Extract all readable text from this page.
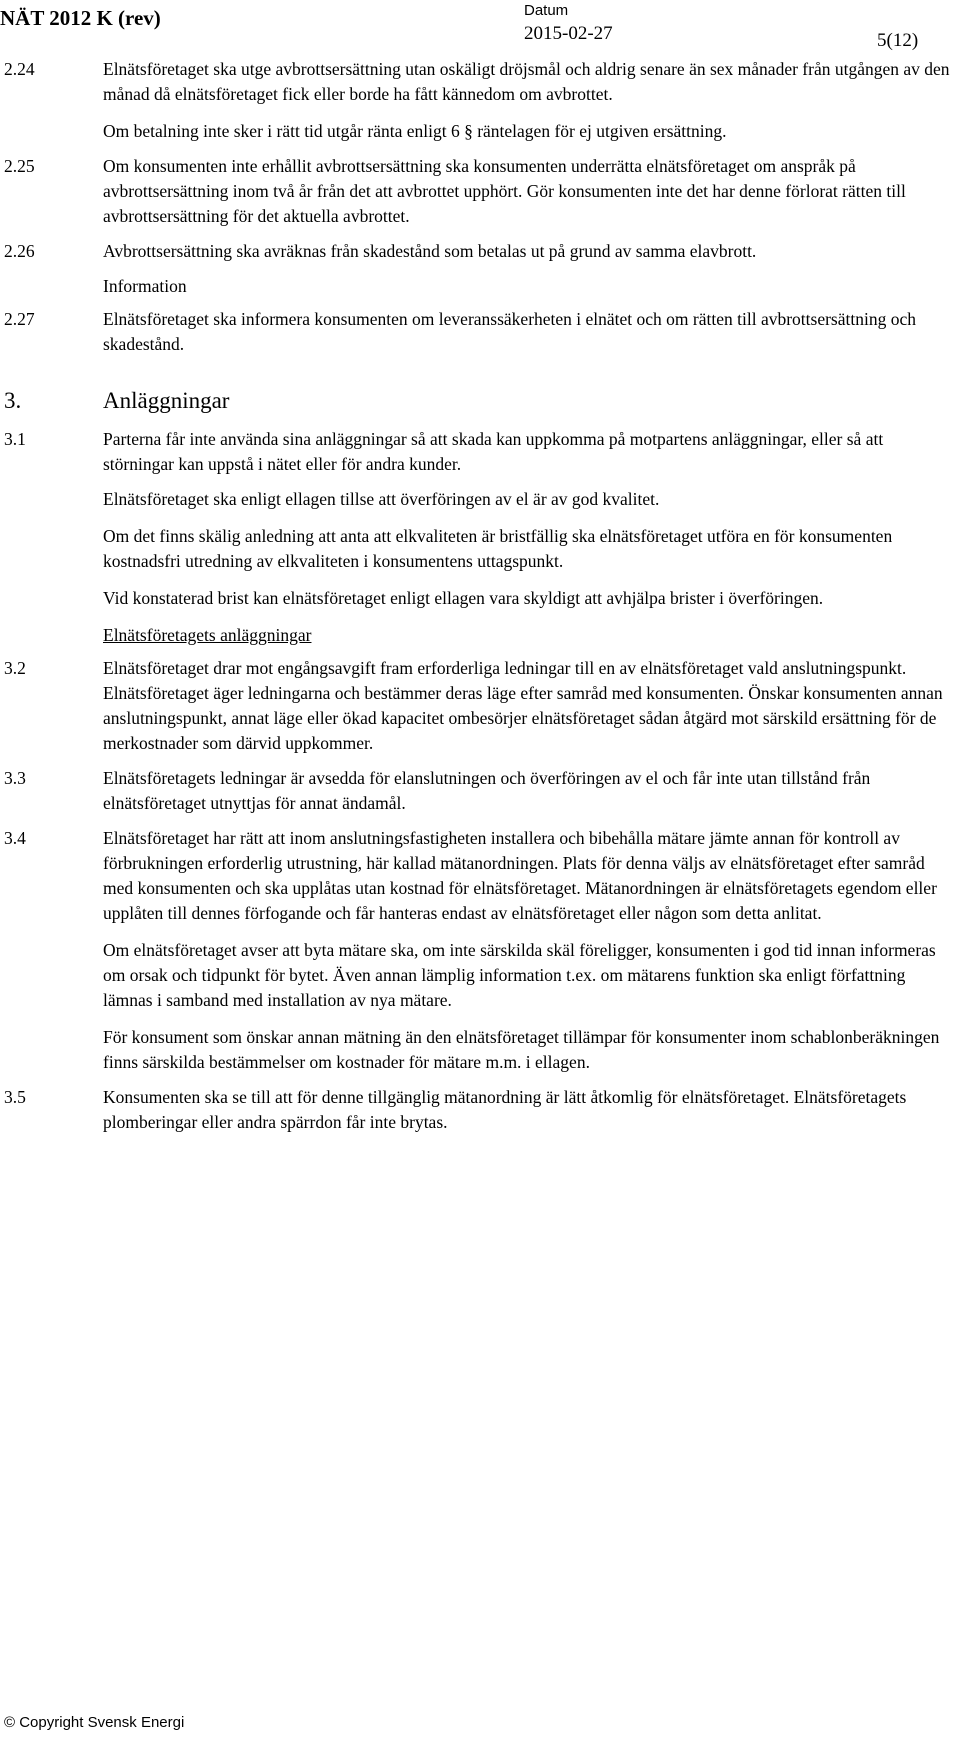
NÄT 2012 K (rev)	Datum
2015-02-27	5(12)
2.24	Elnätsföretaget ska utge avbrottsersättning utan oskäligt dröjsmål och aldrig senare än sex månader från utgången av den månad då elnätsföretaget fick eller borde ha fått kännedom om avbrottet.

Om betalning inte sker i rätt tid utgår ränta enligt 6 § räntelagen för ej utgiven ersättning.

2.25	Om konsumenten inte erhållit avbrottsersättning ska konsumenten underrätta elnätsföretaget om anspråk på avbrottsersättning inom två år från det att avbrottet upphört. Gör konsumenten inte det har denne förlorat rätten till avbrottsersättning för det aktuella avbrottet.

2.26	Avbrottsersättning ska avräknas från skadestånd som betalas ut på grund av samma elavbrott.

Information
2.27	Elnätsföretaget ska informera konsumenten om leveranssäkerheten i elnätet och om rätten till avbrottsersättning och skadestånd.

3.	Anläggningar
3.1	Parterna får inte använda sina anläggningar så att skada kan uppkomma på motpartens anläggningar, eller så att störningar kan uppstå i nätet eller för andra kunder.

Elnätsföretaget ska enligt ellagen tillse att överföringen av el är av god kvalitet.
Om det finns skälig anledning att anta att elkvaliteten är bristfällig ska elnätsföretaget utföra en för konsumenten kostnadsfri utredning av elkvaliteten i konsumentens uttagspunkt.
Vid konstaterad brist kan elnätsföretaget enligt ellagen vara skyldigt att avhjälpa brister i överföringen.
Elnätsföretagets anläggningar
3.2	Elnätsföretaget drar mot engångsavgift fram erforderliga ledningar till en av elnätsföretaget vald anslutningspunkt. Elnätsföretaget äger ledningarna och bestämmer deras läge efter samråd med konsumenten. Önskar konsumenten annan anslutningspunkt, annat läge eller ökad kapacitet ombesörjer elnätsföretaget sådan åtgärd mot särskild ersättning för de merkostnader som därvid uppkommer.

3.3	Elnätsföretagets ledningar är avsedda för elanslutningen och överföringen av el och får inte utan tillstånd från elnätsföretaget utnyttjas för annat ändamål.

3.4	Elnätsföretaget har rätt att inom anslutningsfastigheten installera och bibehålla mätare jämte annan för kontroll av förbrukningen erforderlig utrustning, här kallad mätanordningen. Plats för denna väljs av elnätsföretaget efter samråd med konsumenten och ska upplåtas utan kostnad för elnätsföretaget. Mätanordningen är elnätsföretagets egendom eller upplåten till dennes förfogande och får hanteras endast av elnätsföretaget eller någon som detta anlitat.

Om elnätsföretaget avser att byta mätare ska, om inte särskilda skäl föreligger, konsumenten i god tid innan informeras om orsak och tidpunkt för bytet. Även annan lämplig information t.ex. om mätarens funktion ska enligt författning lämnas i samband med installation av nya mätare.

För konsument som önskar annan mätning än den elnätsföretaget tillämpar för konsumenter inom schablonberäkningen finns särskilda bestämmelser om kostnader för mätare m.m. i ellagen.

3.5	Konsumenten ska se till att för denne tillgänglig mätanordning är lätt åtkomlig för elnätsföretaget. Elnätsföretagets plomberingar eller andra spärrdon får inte brytas.

© Copyright Svensk Energi
